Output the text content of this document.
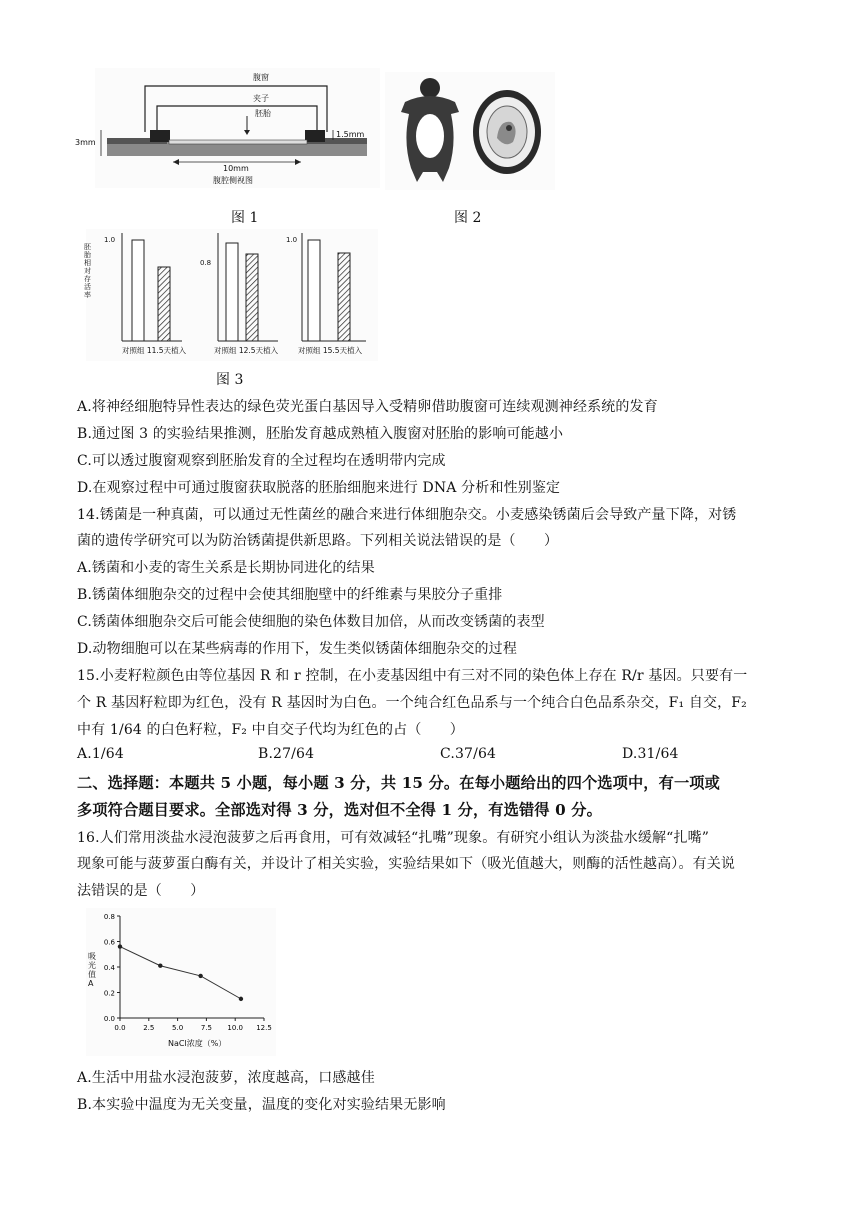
腹窗
夹子
胚胎
1.5mm
3mm
10mm
腹腔侧视图
图 1	图 2
胚胎相对存活率
1.0
0.8
1.0
对照组 11.5天植入	对照组 12.5天植入	对照组 15.5天植入
图 3
A.将神经细胞特异性表达的绿色荧光蛋白基因导入受精卵借助腹窗可连续观测神经系统的发育
B.通过图 3 的实验结果推测，胚胎发育越成熟植入腹窗对胚胎的影响可能越小
C.可以透过腹窗观察到胚胎发育的全过程均在透明带内完成
D.在观察过程中可通过腹窗获取脱落的胚胎细胞来进行 DNA 分析和性别鉴定
14.锈菌是一种真菌，可以通过无性菌丝的融合来进行体细胞杂交。小麦感染锈菌后会导致产量下降，对锈
菌的遗传学研究可以为防治锈菌提供新思路。下列相关说法错误的是（　　）
A.锈菌和小麦的寄生关系是长期协同进化的结果
B.锈菌体细胞杂交的过程中会使其细胞壁中的纤维素与果胶分子重排
C.锈菌体细胞杂交后可能会使细胞的染色体数目加倍，从而改变锈菌的表型
D.动物细胞可以在某些病毒的作用下，发生类似锈菌体细胞杂交的过程
15.小麦籽粒颜色由等位基因 R 和 r 控制，在小麦基因组中有三对不同的染色体上存在 R/r 基因。只要有一
个 R 基因籽粒即为红色，没有 R 基因时为白色。一个纯合红色品系与一个纯合白色品系杂交，F₁ 自交，F₂
中有 1/64 的白色籽粒，F₂ 中自交子代均为红色的占（　　）
A.1/64	B.27/64	C.37/64	D.31/64
二、选择题：本题共 5 小题，每小题 3 分，共 15 分。在每小题给出的四个选项中，有一项或
多项符合题目要求。全部选对得 3 分，选对但不全得 1 分，有选错得 0 分。
16.人们常用淡盐水浸泡菠萝之后再食用，可有效减轻“扎嘴”现象。有研究小组认为淡盐水缓解“扎嘴”
现象可能与菠萝蛋白酶有关，并设计了相关实验，实验结果如下（吸光值越大，则酶的活性越高）。有关说
法错误的是（　　）
0.0
0.2
0.4
0.6
0.8
0.0	2.5	5.0	7.5 10.0 12.5
吸光值A
NaCl浓度（%）
A.生活中用盐水浸泡菠萝，浓度越高，口感越佳
B.本实验中温度为无关变量，温度的变化对实验结果无影响
